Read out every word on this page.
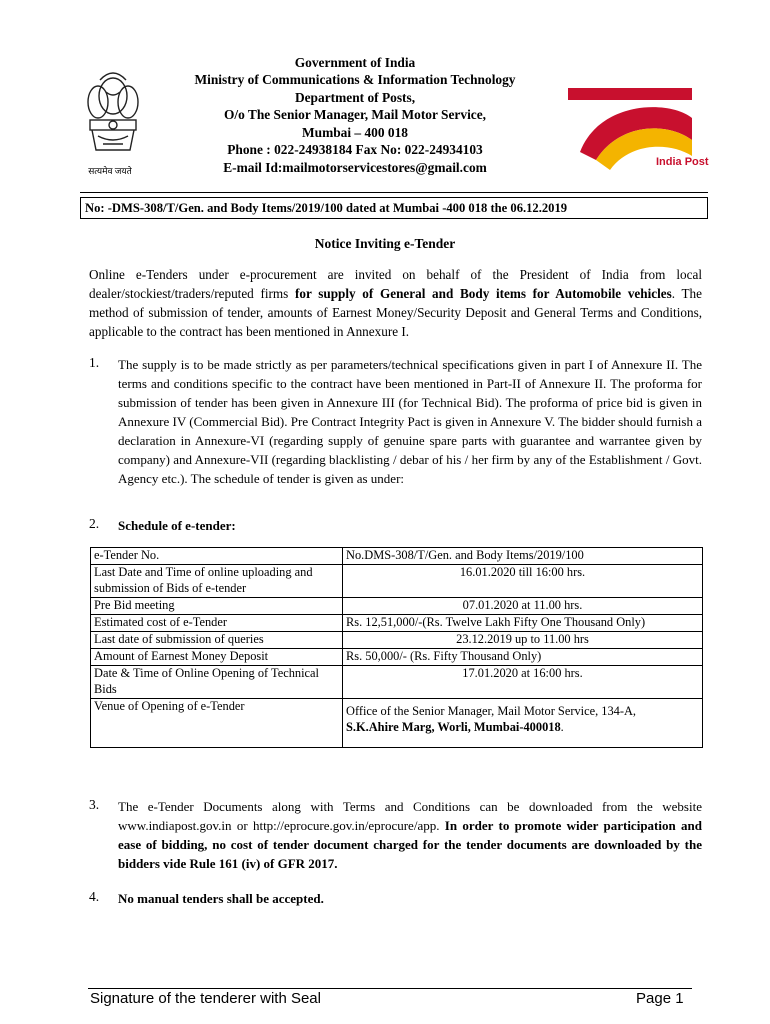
सत्यमेव जयते
Government of India
Ministry of Communications & Information Technology
Department of Posts,
O/o The Senior Manager, Mail Motor Service,
Mumbai – 400 018
Phone : 022-24938184 Fax No: 022-24934103
E-mail Id:mailmotorservicestores@gmail.com
भारतीय डाक
India Post
No: -DMS-308/T/Gen. and Body Items/2019/100 dated at Mumbai -400 018 the 06.12.2019
Notice Inviting e-Tender
Online e-Tenders under e-procurement are invited on behalf of the President of India from local dealer/stockiest/traders/reputed firms for supply of General and Body items for Automobile vehicles. The method of submission of tender, amounts of Earnest Money/Security Deposit and General Terms and Conditions, applicable to the contract has been mentioned in Annexure I.
1. The supply is to be made strictly as per parameters/technical specifications given in part I of Annexure II. The terms and conditions specific to the contract have been mentioned in Part-II of Annexure II. The proforma for submission of tender has been given in Annexure III (for Technical Bid). The proforma of price bid is given in Annexure IV (Commercial Bid). Pre Contract Integrity Pact is given in Annexure V. The bidder should furnish a declaration in Annexure-VI (regarding supply of genuine spare parts with guarantee and warrantee given by company) and Annexure-VII (regarding blacklisting / debar of his / her firm by any of the Establishment / Govt. Agency etc.). The schedule of tender is given as under:
2. Schedule of e-tender:
e-Tender No.	No.DMS-308/T/Gen. and Body Items/2019/100
Last Date and Time of online uploading and submission of Bids of e-tender	16.01.2020 till 16:00 hrs.
Pre Bid meeting	07.01.2020 at 11.00 hrs.
Estimated cost of e-Tender	Rs. 12,51,000/-(Rs. Twelve Lakh Fifty One Thousand Only)
Last date of submission of queries	23.12.2019 up to 11.00 hrs
Amount of Earnest Money Deposit	Rs. 50,000/- (Rs. Fifty Thousand Only)
Date & Time of Online Opening of Technical Bids	17.01.2020 at 16:00 hrs.
Venue of Opening of e-Tender	Office of the Senior Manager, Mail Motor Service, 134-A,
S.K.Ahire Marg, Worli, Mumbai-400018.
3. The e-Tender Documents along with Terms and Conditions can be downloaded from the website www.indiapost.gov.in or http://eprocure.gov.in/eprocure/app. In order to promote wider participation and ease of bidding, no cost of tender document charged for the tender documents are downloaded by the bidders vide Rule 161 (iv) of GFR 2017.
4. No manual tenders shall be accepted.
Signature of the tenderer with Seal	Page 1
